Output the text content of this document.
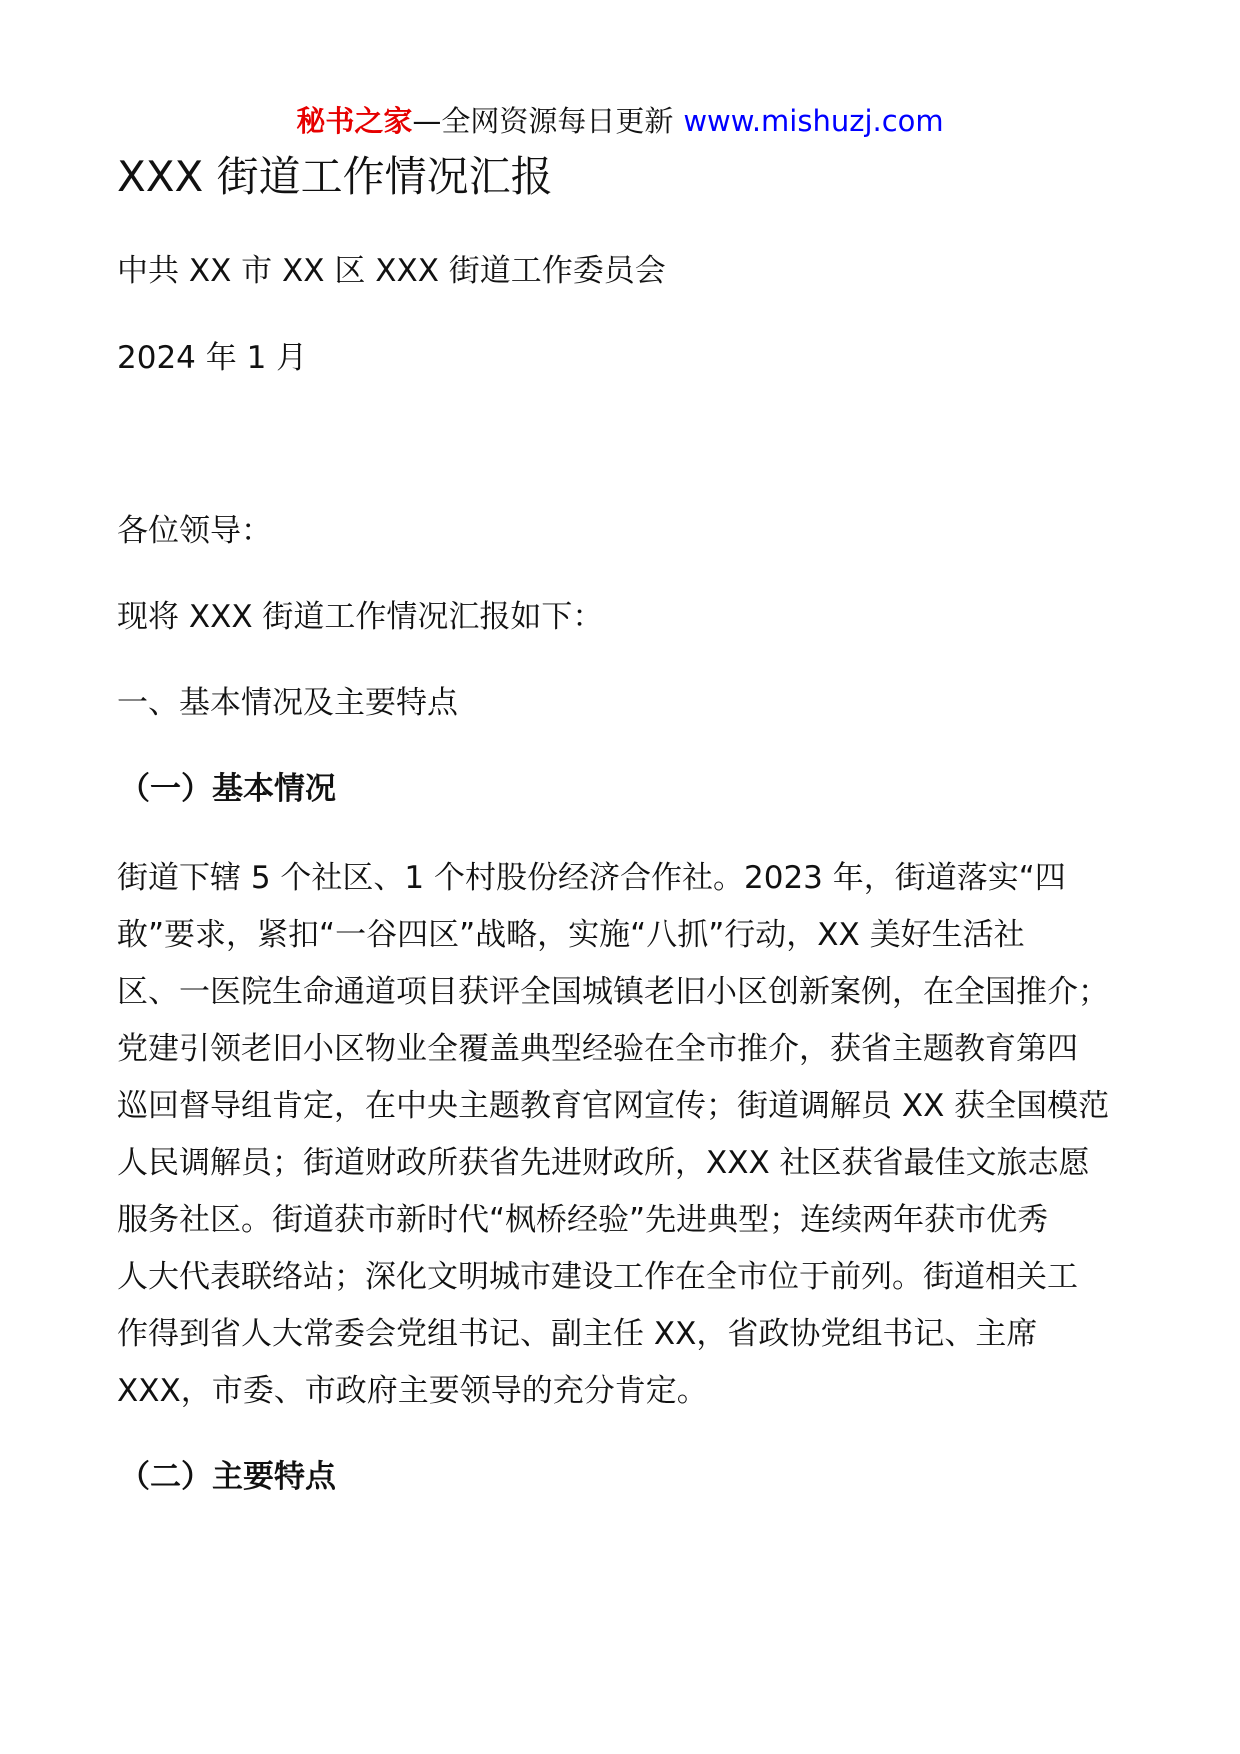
秘书之家—全网资源每日更新 www.mishuzj.com
XXX 街道工作情况汇报
中共 XX 市 XX 区 XXX 街道工作委员会
2024 年 1 月
各位领导：
现将 XXX 街道工作情况汇报如下：
一、基本情况及主要特点
（一）基本情况
街道下辖 5 个社区、1 个村股份经济合作社。2023 年，街道落实“四
敢”要求，紧扣“一谷四区”战略，实施“八抓”行动，XX 美好生活社
区、一医院生命通道项目获评全国城镇老旧小区创新案例，在全国推介；
党建引领老旧小区物业全覆盖典型经验在全市推介，获省主题教育第四
巡回督导组肯定，在中央主题教育官网宣传；街道调解员 XX 获全国模范
人民调解员；街道财政所获省先进财政所，XXX 社区获省最佳文旅志愿
服务社区。街道获市新时代“枫桥经验”先进典型；连续两年获市优秀
人大代表联络站；深化文明城市建设工作在全市位于前列。街道相关工
作得到省人大常委会党组书记、副主任 XX，省政协党组书记、主席
XXX，市委、市政府主要领导的充分肯定。
（二）主要特点
